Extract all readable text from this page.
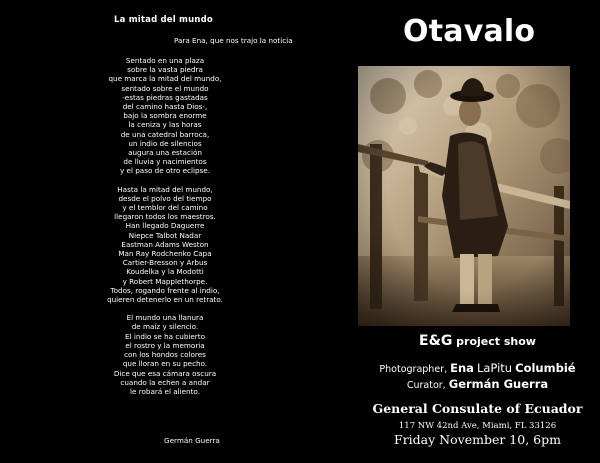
La mitad del mundo
Para Ena, que nos trajo la noticia
Sentado en una plaza
sobre la vasta piedra
que marca la mitad del mundo,
sentado sobre el mundo
-estas piedras gastadas
del camino hasta Dios-,
bajo la sombra enorme
la ceniza y las horas
de una catedral barroca,
un indio de silencios
augura una estación
de lluvia y nacimientos
y el paso de otro eclipse.
Hasta la mitad del mundo,
desde el polvo del tiempo
y el temblor del camino
llegaron todos los maestros.
Han llegado Daguerre
Niepce Talbot Nadar
Eastman Adams Weston
Man Ray Rodchenko Capa
Cartier-Bresson y Arbus
Koudelka y la Modotti
y Robert Mapplethorpe.
Todos, rogando frente al indio,
quieren detenerlo en un retrato.
El mundo una llanura
de maíz y silencio.
El indio se ha cubierto
el rostro y la memoria
con los hondos colores
que lloran en su pecho.
Dice que esa cámara oscura
cuando la echen a andar
le robará el aliento.
Germán Guerra
Otavalo
E&G project show
Photographer, Ena LaPitu Columbié
Curator, Germán Guerra
General Consulate of Ecuador
117 NW 42nd Ave, Miami, FL 33126
Friday November 10, 6pm
